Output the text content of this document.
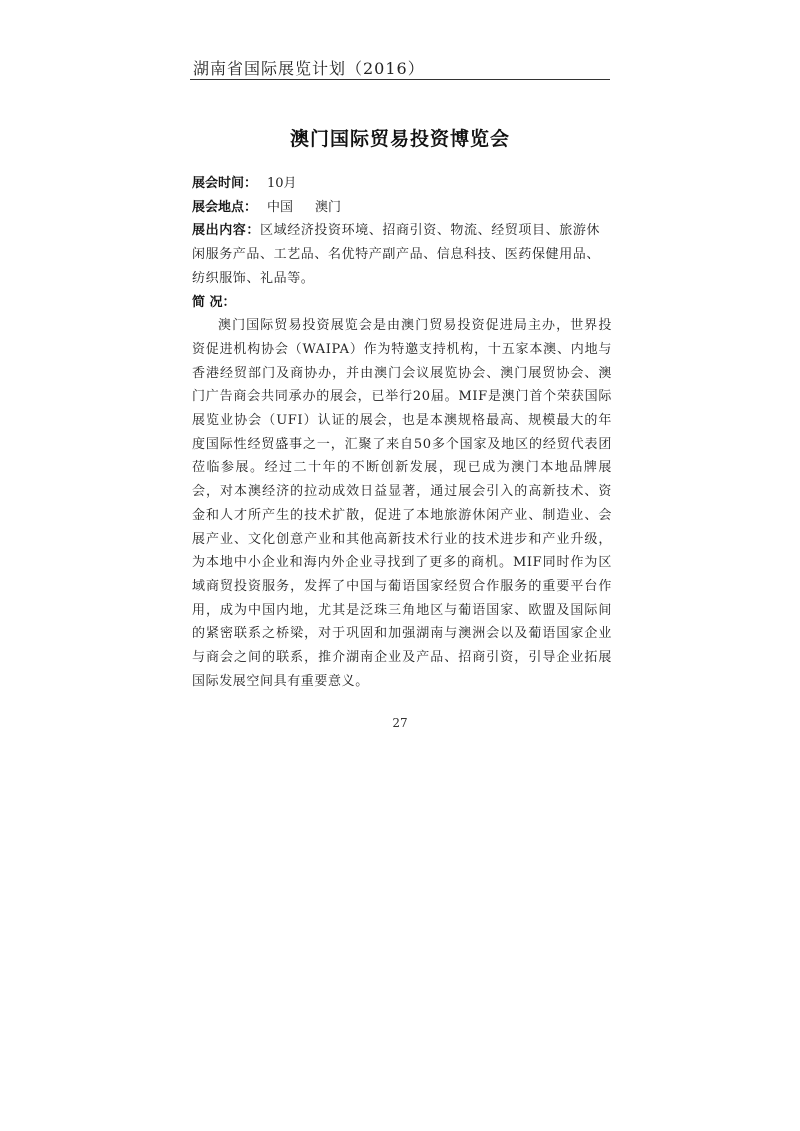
湖南省国际展览计划（2016）
澳门国际贸易投资博览会
展会时间： 10月
展会地点： 中国 澳门
展出内容：区域经济投资环境、招商引资、物流、经贸项目、旅游休闲服务产品、工艺品、名优特产副产品、信息科技、医药保健用品、纺织服饰、礼品等。
简 况：
澳门国际贸易投资展览会是由澳门贸易投资促进局主办，世界投资促进机构协会（WAIPA）作为特邀支持机构，十五家本澳、内地与香港经贸部门及商协办，并由澳门会议展览协会、澳门展贸协会、澳门广告商会共同承办的展会，已举行20届。MIF是澳门首个荣获国际展览业协会（UFI）认证的展会，也是本澳规格最高、规模最大的年度国际性经贸盛事之一，汇聚了来自50多个国家及地区的经贸代表团莅临参展。经过二十年的不断创新发展，现已成为澳门本地品牌展会，对本澳经济的拉动成效日益显著，通过展会引入的高新技术、资金和人才所产生的技术扩散，促进了本地旅游休闲产业、制造业、会展产业、文化创意产业和其他高新技术行业的技术进步和产业升级，为本地中小企业和海内外企业寻找到了更多的商机。MIF同时作为区域商贸投资服务，发挥了中国与葡语国家经贸合作服务的重要平台作用，成为中国内地，尤其是泛珠三角地区与葡语国家、欧盟及国际间的紧密联系之桥梁，对于巩固和加强湖南与澳洲会以及葡语国家企业与商会之间的联系，推介湖南企业及产品、招商引资，引导企业拓展国际发展空间具有重要意义。
27
